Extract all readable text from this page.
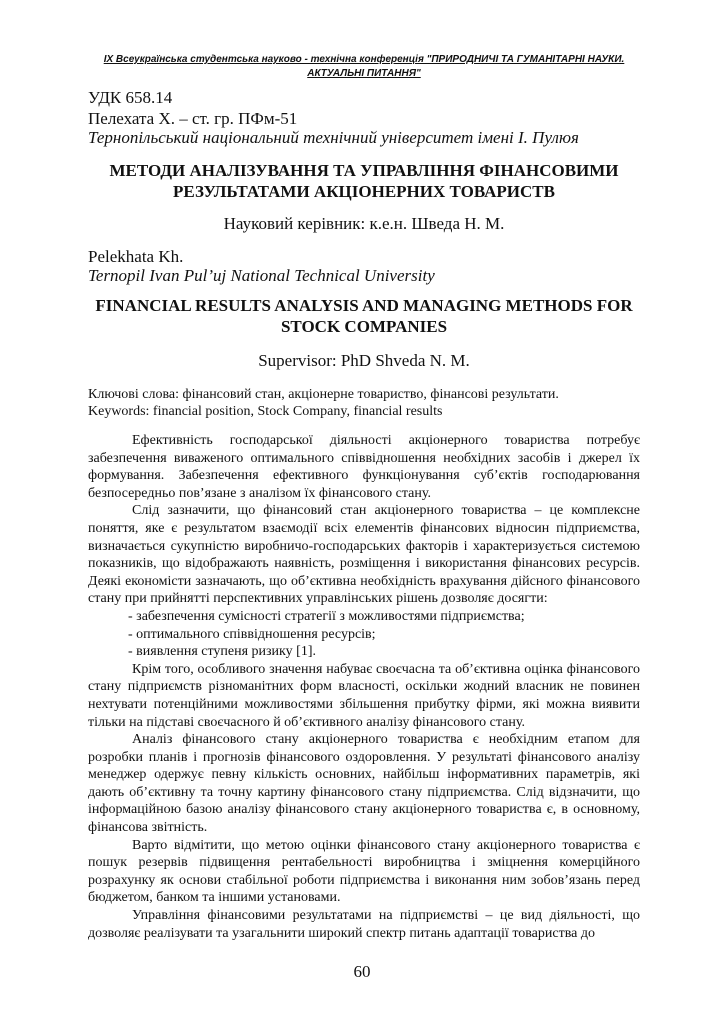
IX Всеукраїнська студентська науково - технічна конференція "ПРИРОДНИЧІ ТА ГУМАНІТАРНІ НАУКИ. АКТУАЛЬНІ ПИТАННЯ"
УДК 658.14
Пелехата Х. – ст. гр. ПФм-51
Тернопільський національний технічний університет імені І. Пулюя
МЕТОДИ АНАЛІЗУВАННЯ ТА УПРАВЛІННЯ ФІНАНСОВИМИ РЕЗУЛЬТАТАМИ АКЦІОНЕРНИХ ТОВАРИСТВ
Науковий керівник: к.е.н. Шведа Н. М.
Pelekhata Kh.
Ternopil Ivan Pul’uj National Technical University
FINANCIAL RESULTS ANALYSIS AND MANAGING METHODS FOR STOCK COMPANIES
Supervisor: PhD Shveda N. M.
Ключові слова: фінансовий стан, акціонерне товариство, фінансові результати.
Keywords: financial position, Stock Company, financial results

Ефективність господарської діяльності акціонерного товариства потребує забезпечення виваженого оптимального співвідношення необхідних засобів і джерел їх формування. Забезпечення ефективного функціонування суб’єктів господарювання безпосередньо пов’язане з аналізом їх фінансового стану.

Слід зазначити, що фінансовий стан акціонерного товариства – це комплексне поняття, яке є результатом взаємодії всіх елементів фінансових відносин підприємства, визначається сукупністю виробничо-господарських факторів і характеризується системою показників, що відображають наявність, розміщення і використання фінансових ресурсів. Деякі економісти зазначають, що об’єктивна необхідність врахування дійсного фінансового стану при прийнятті перспективних управлінських рішень дозволяє досягти:

- забезпечення сумісності стратегії з можливостями підприємства;

- оптимального співвідношення ресурсів;

- виявлення ступеня ризику [1].

Крім того, особливого значення набуває своєчасна та об’єктивна оцінка фінансового стану підприємств різноманітних форм власності, оскільки жодний власник не повинен нехтувати потенційними можливостями збільшення прибутку фірми, які можна виявити тільки на підставі своєчасного й об’єктивного аналізу фінансового стану.

Аналіз фінансового стану акціонерного товариства є необхідним етапом для розробки планів і прогнозів фінансового оздоровлення. У результаті фінансового аналізу менеджер одержує певну кількість основних, найбільш інформативних параметрів, які дають об’єктивну та точну картину фінансового стану підприємства. Слід відзначити, що інформаційною базою аналізу фінансового стану акціонерного товариства є, в основному, фінансова звітність.

Варто відмітити, що метою оцінки фінансового стану акціонерного товариства є пошук резервів підвищення рентабельності виробництва і зміцнення комерційного розрахунку як основи стабільної роботи підприємства і виконання ним зобов’язань перед бюджетом, банком та іншими установами.

Управління фінансовими результатами на підприємстві – це вид діяльності, що дозволяє реалізувати та узагальнити широкий спектр питань адаптації товариства до

60
